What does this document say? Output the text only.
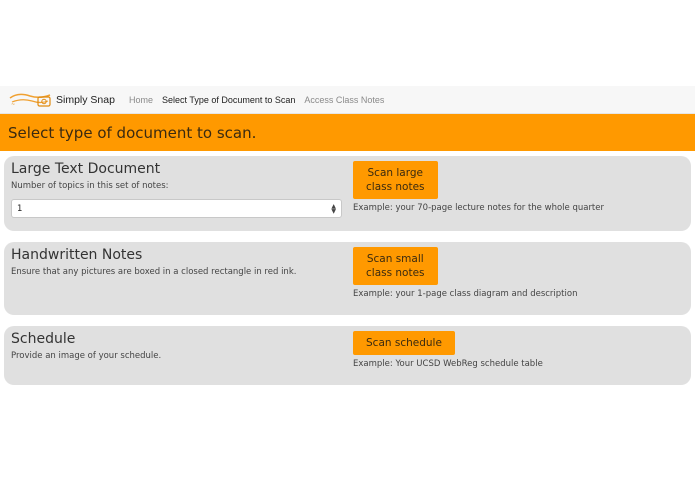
~	Simply Snap Home Select Type of Document to Scan Access Class Notes
Select type of document to scan.

Large Text Document

Number of topics in this set of notes:

1	▲
▼
Scan large
class notes
Example: your 70-page lecture notes for the whole quarter

Handwritten Notes

Ensure that any pictures are boxed in a closed rectangle in red ink.

Scan small
class notes
Example: your 1-page class diagram and description

Schedule

Provide an image of your schedule.

Scan schedule
Example: Your UCSD WebReg schedule table
